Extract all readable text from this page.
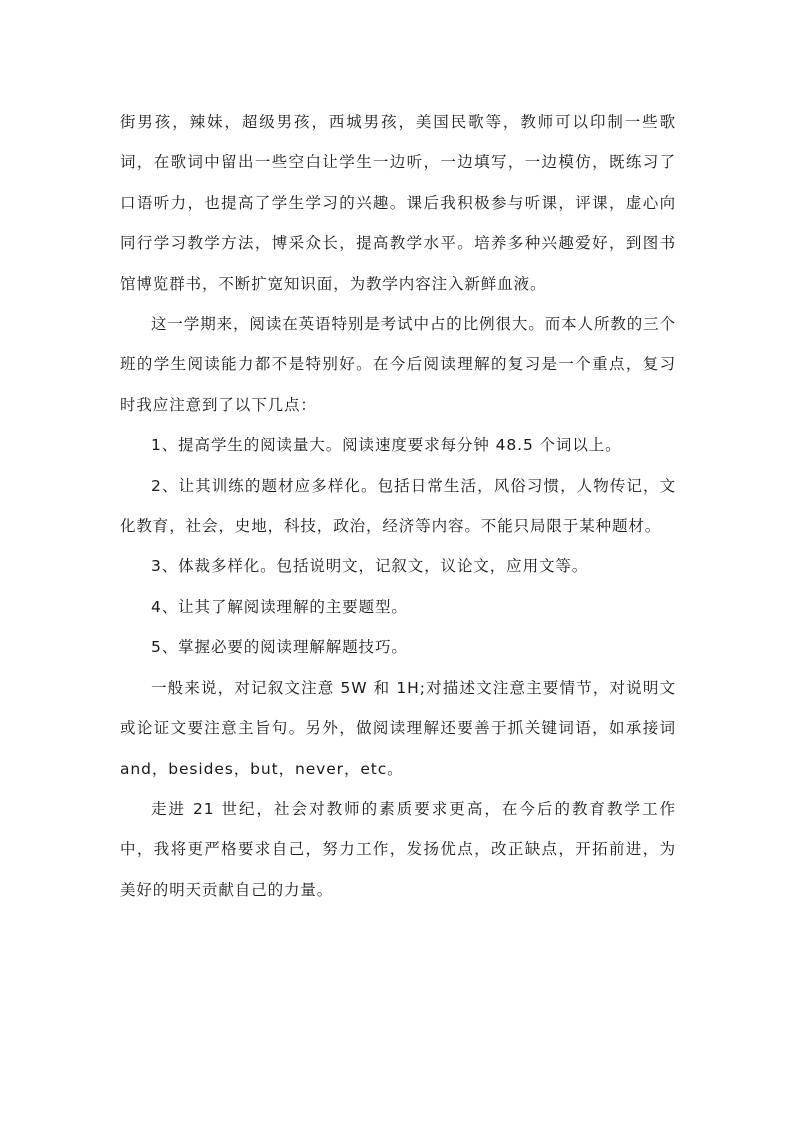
街男孩，辣妹，超级男孩，西城男孩，美国民歌等，教师可以印制一些歌词，在歌词中留出一些空白让学生一边听，一边填写，一边模仿，既练习了口语听力，也提高了学生学习的兴趣。课后我积极参与听课，评课，虚心向同行学习教学方法，博采众长，提高教学水平。培养多种兴趣爱好，到图书馆博览群书，不断扩宽知识面，为教学内容注入新鲜血液。

这一学期来，阅读在英语特别是考试中占的比例很大。而本人所教的三个班的学生阅读能力都不是特别好。在今后阅读理解的复习是一个重点，复习时我应注意到了以下几点：

1、提高学生的阅读量大。阅读速度要求每分钟 48.5 个词以上。

2、让其训练的题材应多样化。包括日常生活，风俗习惯，人物传记，文化教育，社会，史地，科技，政治，经济等内容。不能只局限于某种题材。

3、体裁多样化。包括说明文，记叙文，议论文，应用文等。

4、让其了解阅读理解的主要题型。

5、掌握必要的阅读理解解题技巧。

一般来说，对记叙文注意 5W 和 1H;对描述文注意主要情节，对说明文或论证文要注意主旨句。另外，做阅读理解还要善于抓关键词语，如承接词 and，besides，but，never，etc。

走进 21 世纪，社会对教师的素质要求更高，在今后的教育教学工作中，我将更严格要求自己，努力工作，发扬优点，改正缺点，开拓前进，为美好的明天贡献自己的力量。
